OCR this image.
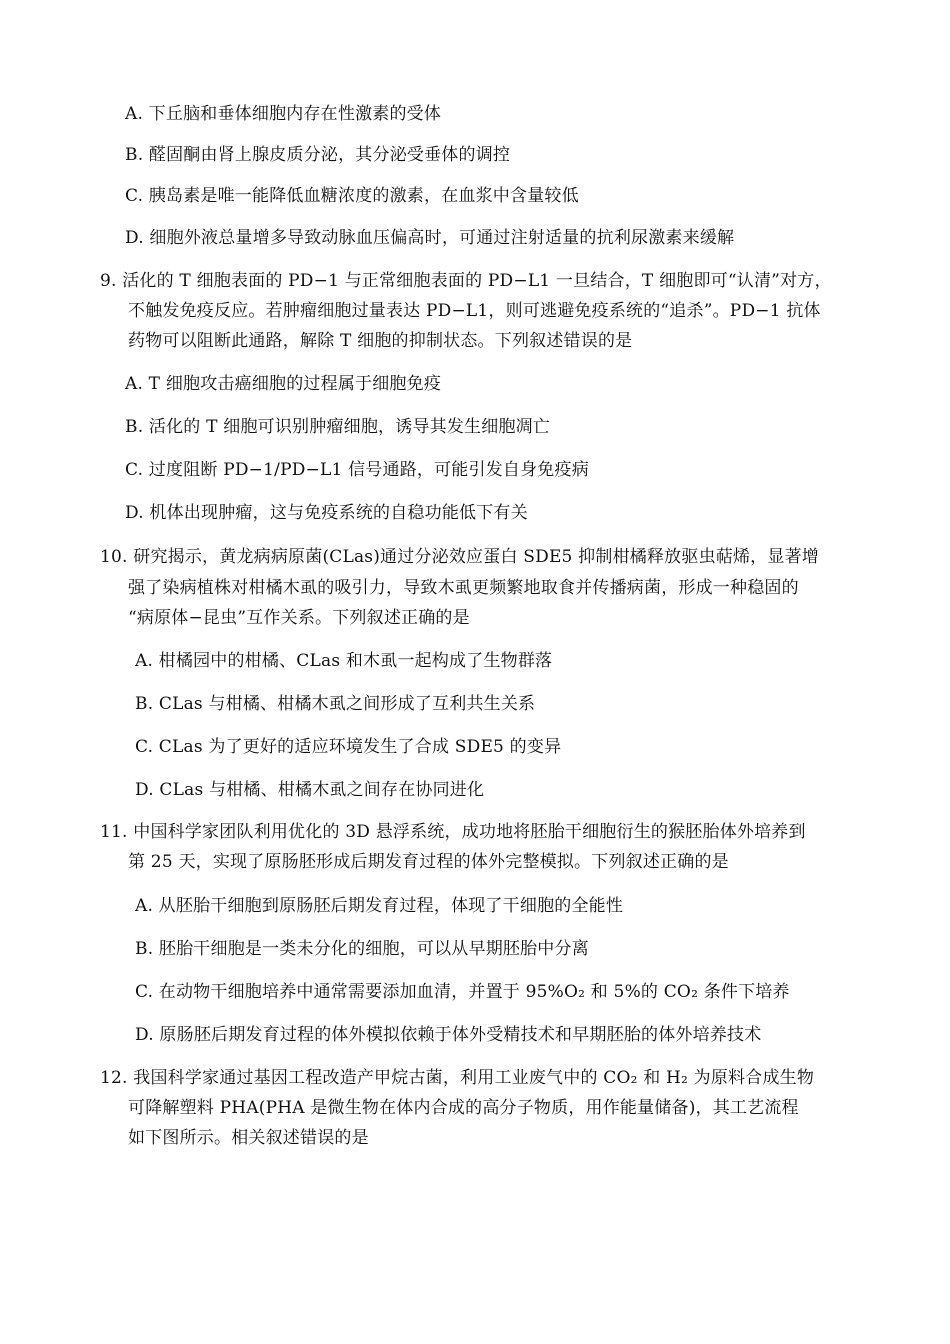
A. 下丘脑和垂体细胞内存在性激素的受体
B. 醛固酮由肾上腺皮质分泌，其分泌受垂体的调控
C. 胰岛素是唯一能降低血糖浓度的激素，在血浆中含量较低
D. 细胞外液总量增多导致动脉血压偏高时，可通过注射适量的抗利尿激素来缓解
9. 活化的 T 细胞表面的 PD−1 与正常细胞表面的 PD−L1 一旦结合，T 细胞即可“认清”对方，
不触发免疫反应。若肿瘤细胞过量表达 PD−L1，则可逃避免疫系统的“追杀”。PD−1 抗体
药物可以阻断此通路，解除 T 细胞的抑制状态。下列叙述错误的是
A. T 细胞攻击癌细胞的过程属于细胞免疫
B. 活化的 T 细胞可识别肿瘤细胞，诱导其发生细胞凋亡
C. 过度阻断 PD−1/PD−L1 信号通路，可能引发自身免疫病
D. 机体出现肿瘤，这与免疫系统的自稳功能低下有关
10. 研究揭示，黄龙病病原菌(CLas)通过分泌效应蛋白 SDE5 抑制柑橘释放驱虫萜烯，显著增
强了染病植株对柑橘木虱的吸引力，导致木虱更频繁地取食并传播病菌，形成一种稳固的
“病原体−昆虫”互作关系。下列叙述正确的是
A. 柑橘园中的柑橘、CLas 和木虱一起构成了生物群落
B. CLas 与柑橘、柑橘木虱之间形成了互利共生关系
C. CLas 为了更好的适应环境发生了合成 SDE5 的变异
D. CLas 与柑橘、柑橘木虱之间存在协同进化
11. 中国科学家团队利用优化的 3D 悬浮系统，成功地将胚胎干细胞衍生的猴胚胎体外培养到
第 25 天，实现了原肠胚形成后期发育过程的体外完整模拟。下列叙述正确的是
A. 从胚胎干细胞到原肠胚后期发育过程，体现了干细胞的全能性
B. 胚胎干细胞是一类未分化的细胞，可以从早期胚胎中分离
C. 在动物干细胞培养中通常需要添加血清，并置于 95%O₂ 和 5%的 CO₂ 条件下培养
D. 原肠胚后期发育过程的体外模拟依赖于体外受精技术和早期胚胎的体外培养技术
12. 我国科学家通过基因工程改造产甲烷古菌，利用工业废气中的 CO₂ 和 H₂ 为原料合成生物
可降解塑料 PHA(PHA 是微生物在体内合成的高分子物质，用作能量储备)，其工艺流程
如下图所示。相关叙述错误的是
